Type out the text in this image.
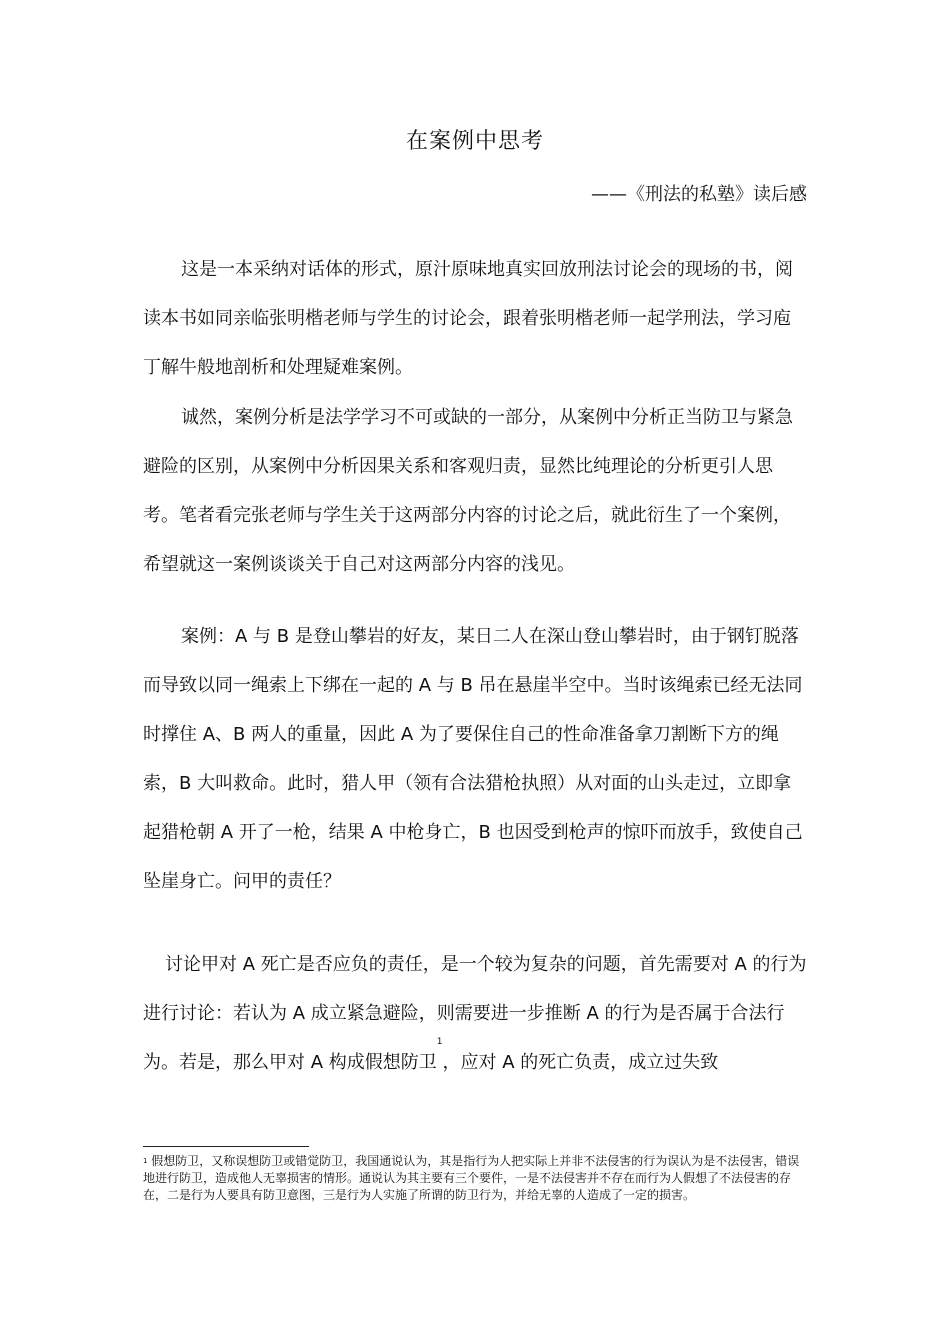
在案例中思考
——《刑法的私塾》读后感

这是一本采纳对话体的形式，原汁原味地真实回放刑法讨论会的现场的书，阅读本书如同亲临张明楷老师与学生的讨论会，跟着张明楷老师一起学刑法，学习庖丁解牛般地剖析和处理疑难案例。

诚然，案例分析是法学学习不可或缺的一部分，从案例中分析正当防卫与紧急避险的区别，从案例中分析因果关系和客观归责，显然比纯理论的分析更引人思考。笔者看完张老师与学生关于这两部分内容的讨论之后，就此衍生了一个案例，希望就这一案例谈谈关于自己对这两部分内容的浅见。

案例：A 与 B 是登山攀岩的好友，某日二人在深山登山攀岩时，由于钢钉脱落而导致以同一绳索上下绑在一起的 A 与 B 吊在悬崖半空中。当时该绳索已经无法同时撑住 A、B 两人的重量，因此 A 为了要保住自己的性命准备拿刀割断下方的绳索，B 大叫救命。此时，猎人甲（领有合法猎枪执照）从对面的山头走过，立即拿起猎枪朝 A 开了一枪，结果 A 中枪身亡，B 也因受到枪声的惊吓而放手，致使自己坠崖身亡。问甲的责任？

讨论甲对 A 死亡是否应负的责任，是一个较为复杂的问题，首先需要对 A 的行为进行讨论：若认为 A 成立紧急避险，则需要进一步推断 A 的行为是否属于合法行为。若是，那么甲对 A 构成假想防卫$^1$，应对 A 的死亡负责，成立过失致

$^1$ 假想防卫，又称误想防卫或错觉防卫，我国通说认为，其是指行为人把实际上并非不法侵害的行为误认为是不法侵害，错误地进行防卫，造成他人无辜损害的情形。通说认为其主要有三个要件，一是不法侵害并不存在而行为人假想了不法侵害的存在，二是行为人要具有防卫意图，三是行为人实施了所谓的防卫行为，并给无辜的人造成了一定的损害。
